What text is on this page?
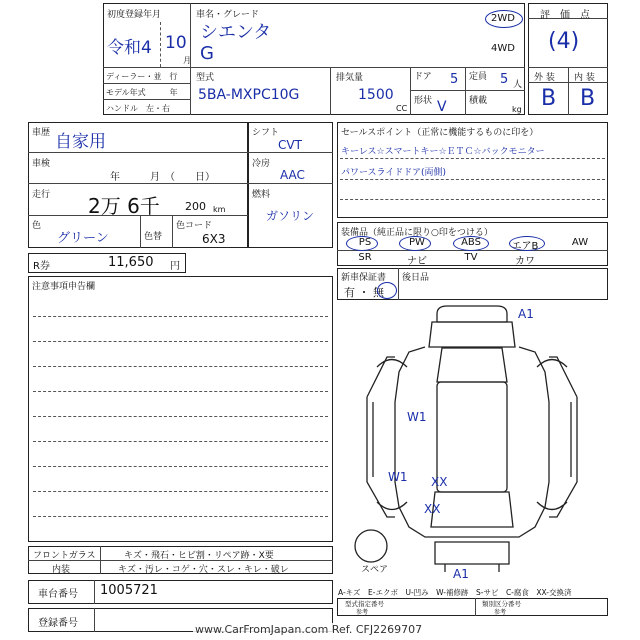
初度登録年月
令和4 10
月
車名・グレード
シエンタ
G
2WD
4WD
ディーラー・並　行
モデル年式　　　年
ハンドル　左・右
型式
5BA-MXPC10G
排気量
1500
CC
ドア 5 定員 5 人
形状 V 積載
kg
評　価　点
(4)
外 装 内 装
B B
車歴 自家用
車検
年　　　月　（　　日）
走行 2万 6千 200 km
色
グリーン	色替
色コード
6X3
シフト
CVT
冷房
AAC
燃料
ガソリン
R券	11,650 円
注意事項申告欄
セールスポイント（正常に機能するものに印を）
キーレス☆スマートキー☆ＥＴＣ☆バックモニター
パワースライドドア(両側)
装備品（純正品に限り○印をつける）
PS	PW	ABS	エアB	AW
SR	ナビ	TV	カワ
新車保証書
有 ・ 無
後日品
A1
W1
W1 XX
XX
A1
スペア
A-キズ　E-エクボ　U-凹み　W-補修跡　S-サビ　C-腐食　XX-交換済
型式指定番号
参考
類別区分番号
参考
フロントガラス	キズ・飛石・ヒビ割・リペア跡・X要
内装	キズ・汚レ・コゲ・穴・スレ・キレ・破レ
車台番号 1005721
登録番号	www.CarFromJapan.com Ref. CFJ2269707
